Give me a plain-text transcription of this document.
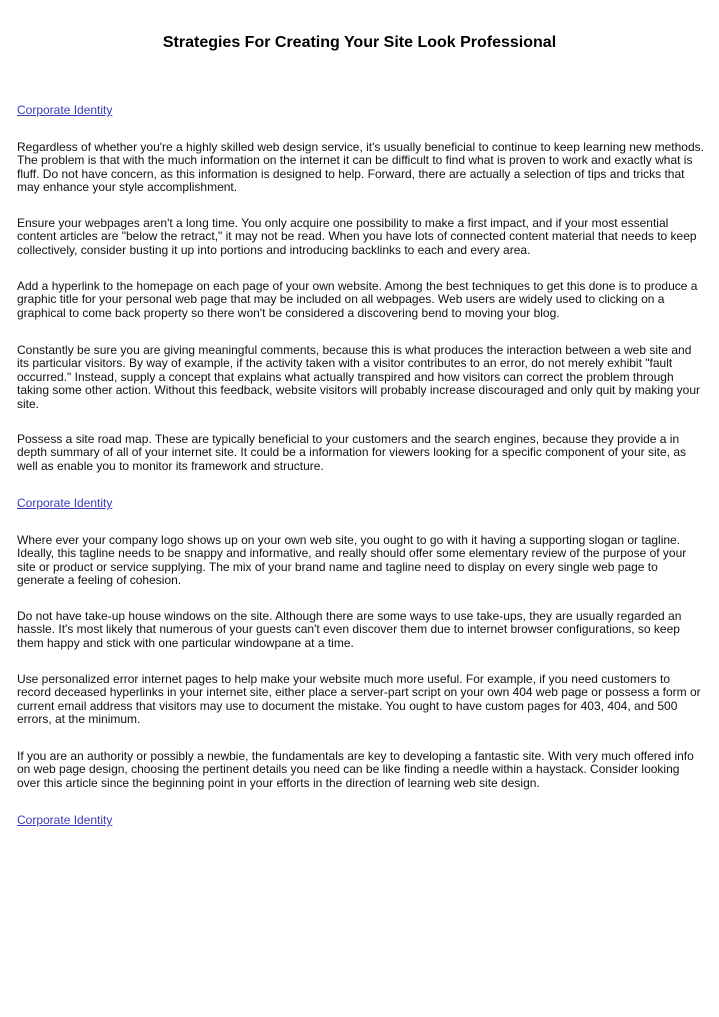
Strategies For Creating Your Site Look Professional
Corporate Identity
Regardless of whether you're a highly skilled web design service, it's usually beneficial to continue to keep learning new methods. The problem is that with the much information on the internet it can be difficult to find what is proven to work and exactly what is fluff. Do not have concern, as this information is designed to help. Forward, there are actually a selection of tips and tricks that may enhance your style accomplishment.
Ensure your webpages aren't a long time. You only acquire one possibility to make a first impact, and if your most essential content articles are "below the retract," it may not be read. When you have lots of connected content material that needs to keep collectively, consider busting it up into portions and introducing backlinks to each and every area.
Add a hyperlink to the homepage on each page of your own website. Among the best techniques to get this done is to produce a graphic title for your personal web page that may be included on all webpages. Web users are widely used to clicking on a graphical to come back property so there won't be considered a discovering bend to moving your blog.
Constantly be sure you are giving meaningful comments, because this is what produces the interaction between a web site and its particular visitors. By way of example, if the activity taken with a visitor contributes to an error, do not merely exhibit "fault occurred." Instead, supply a concept that explains what actually transpired and how visitors can correct the problem through taking some other action. Without this feedback, website visitors will probably increase discouraged and only quit by making your site.
Possess a site road map. These are typically beneficial to your customers and the search engines, because they provide a in depth summary of all of your internet site. It could be a information for viewers looking for a specific component of your site, as well as enable you to monitor its framework and structure.
Corporate Identity
Where ever your company logo shows up on your own web site, you ought to go with it having a supporting slogan or tagline. Ideally, this tagline needs to be snappy and informative, and really should offer some elementary review of the purpose of your site or product or service supplying. The mix of your brand name and tagline need to display on every single web page to generate a feeling of cohesion.
Do not have take-up house windows on the site. Although there are some ways to use take-ups, they are usually regarded an hassle. It's most likely that numerous of your guests can't even discover them due to internet browser configurations, so keep them happy and stick with one particular windowpane at a time.
Use personalized error internet pages to help make your website much more useful. For example, if you need customers to record deceased hyperlinks in your internet site, either place a server-part script on your own 404 web page or possess a form or current email address that visitors may use to document the mistake. You ought to have custom pages for 403, 404, and 500 errors, at the minimum.
If you are an authority or possibly a newbie, the fundamentals are key to developing a fantastic site. With very much offered info on web page design, choosing the pertinent details you need can be like finding a needle within a haystack. Consider looking over this article since the beginning point in your efforts in the direction of learning web site design.
Corporate Identity
